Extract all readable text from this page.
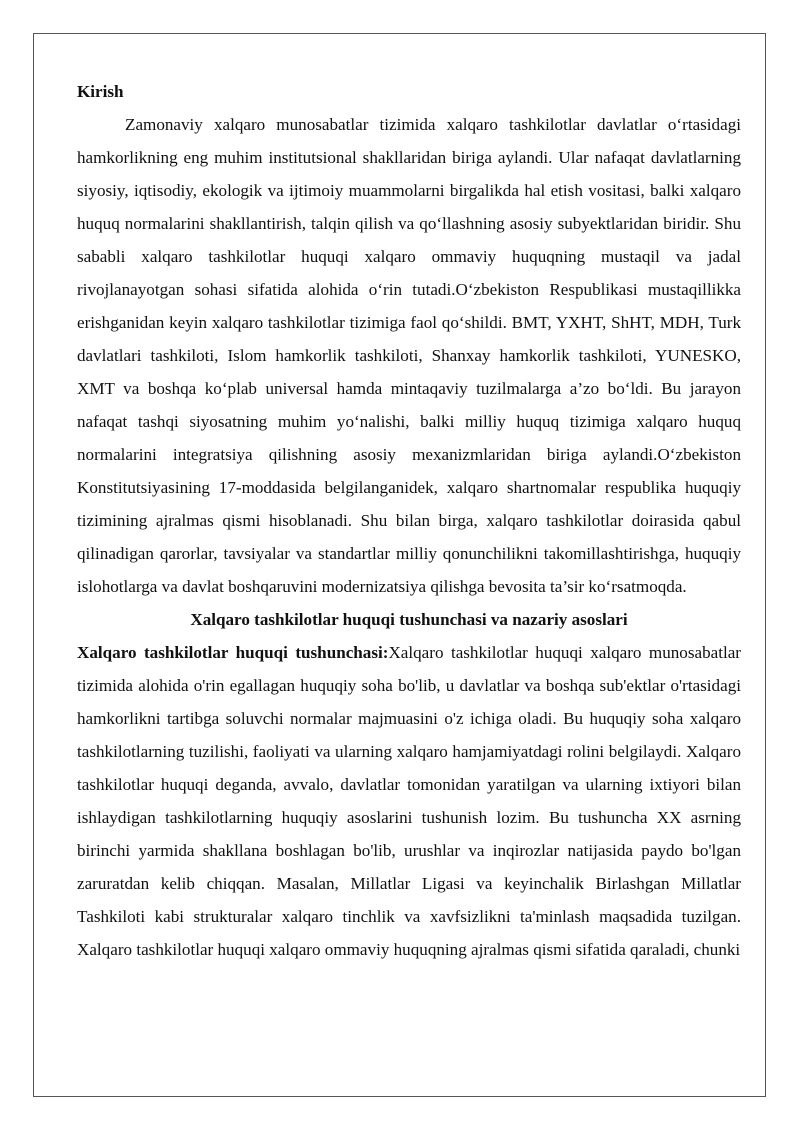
Kirish

Zamonaviy xalqaro munosabatlar tizimida xalqaro tashkilotlar davlatlar o‘rtasidagi hamkorlikning eng muhim institutsional shakllaridan biriga aylandi. Ular nafaqat davlatlarning siyosiy, iqtisodiy, ekologik va ijtimoiy muammolarni birgalikda hal etish vositasi, balki xalqaro huquq normalarini shakllantirish, talqin qilish va qo‘llashning asosiy subyektlaridan biridir. Shu sababli xalqaro tashkilotlar huquqi xalqaro ommaviy huquqning mustaqil va jadal rivojlanayotgan sohasi sifatida alohida o‘rin tutadi.O‘zbekiston Respublikasi mustaqillikka erishganidan keyin xalqaro tashkilotlar tizimiga faol qo‘shildi. BMT, YXHT, ShHT, MDH, Turk davlatlari tashkiloti, Islom hamkorlik tashkiloti, Shanxay hamkorlik tashkiloti, YUNESKO, XMT va boshqa ko‘plab universal hamda mintaqaviy tuzilmalarga a’zo bo‘ldi. Bu jarayon nafaqat tashqi siyosatning muhim yo‘nalishi, balki milliy huquq tizimiga xalqaro huquq normalarini integratsiya qilishning asosiy mexanizmlaridan biriga aylandi.O‘zbekiston Konstitutsiyasining 17-moddasida belgilanganidek, xalqaro shartnomalar respublika huquqiy tizimining ajralmas qismi hisoblanadi. Shu bilan birga, xalqaro tashkilotlar doirasida qabul qilinadigan qarorlar, tavsiyalar va standartlar milliy qonunchilikni takomillashtirishga, huquqiy islohotlarga va davlat boshqaruvini modernizatsiya qilishga bevosita ta’sir ko‘rsatmoqda.

Xalqaro tashkilotlar huquqi tushunchasi va nazariy asoslari

Xalqaro tashkilotlar huquqi tushunchasi:Xalqaro tashkilotlar huquqi xalqaro munosabatlar tizimida alohida o'rin egallagan huquqiy soha bo'lib, u davlatlar va boshqa sub'ektlar o'rtasidagi hamkorlikni tartibga soluvchi normalar majmuasini o'z ichiga oladi. Bu huquqiy soha xalqaro tashkilotlarning tuzilishi, faoliyati va ularning xalqaro hamjamiyatdagi rolini belgilaydi. Xalqaro tashkilotlar huquqi deganda, avvalo, davlatlar tomonidan yaratilgan va ularning ixtiyori bilan ishlaydigan tashkilotlarning huquqiy asoslarini tushunish lozim. Bu tushuncha XX asrning birinchi yarmida shakllana boshlagan bo'lib, urushlar va inqirozlar natijasida paydo bo'lgan zaruratdan kelib chiqqan. Masalan, Millatlar Ligasi va keyinchalik Birlashgan Millatlar Tashkiloti kabi strukturalar xalqaro tinchlik va xavfsizlikni ta'minlash maqsadida tuzilgan. Xalqaro tashkilotlar huquqi xalqaro ommaviy huquqning ajralmas qismi sifatida qaraladi, chunki
